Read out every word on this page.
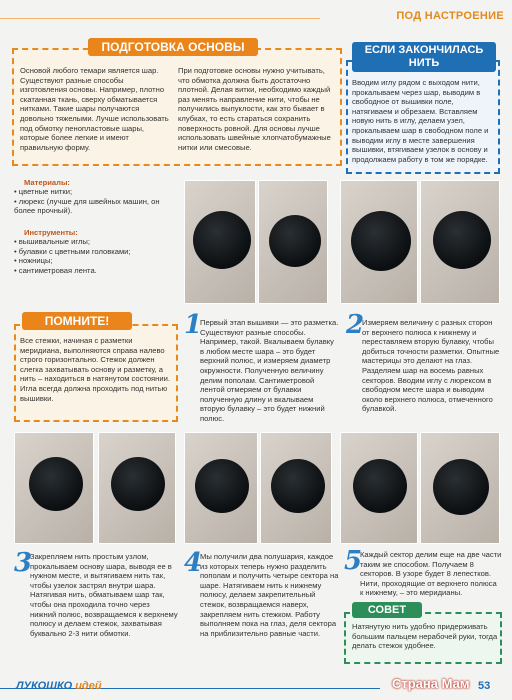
ПОД НАСТРОЕНИЕ
ПОДГОТОВКА ОСНОВЫ
Основой любого темари является шар. Существуют разные способы изготовления основы. Например, плотно скатанная ткань, сверху обматывается нитками. Такие шары получаются довольно тяжелыми. Лучше использовать под обмотку пенопластовые шары, которые более легкие и имеют правильную форму.
При подготовке основы нужно учитывать, что обмотка должна быть достаточно плотной. Делая витки, необходимо каждый раз менять направление нити, чтобы не получились выпуклости, как это бывает в клубках, то есть стараться сохранить поверхность ровной. Для основы лучше использовать швейные хлопчатобумажные нитки или смесовые.
ЕСЛИ ЗАКОНЧИЛАСЬ НИТЬ
Вводим иглу рядом с выходом нити, прокалываем через шар, выводим в свободное от вышивки поле, натягиваем и обрезаем. Вставляем новую нить в иглу, делаем узел, прокалываем шар в свободном поле и выводим иглу в месте завершения вышивки, втягиваем узелок в основу и продолжаем работу в том же порядке.
Материалы:
• цветные нитки;
• люрекс (лучше для швейных машин, он более прочный).
Инструменты:
• вышивальные иглы;
• булавки с цветными головками;
• ножницы;
• сантиметровая лента.
ПОМНИТЕ!
Все стежки, начиная с разметки меридиана, выполняются справа налево строго горизонтально. Стежок должен слегка захватывать основу и разметку, а нить – находиться в натянутом состоянии. Игла всегда должна проходить под нитью вышивки.
1
Первый этап вышивки — это разметка. Существуют разные способы. Например, такой. Вкалываем булавку в любом месте шара – это будет верхний полюс, и измеряем диаметр окружности. Полученную величину делим пополам. Сантиметровой лентой отмеряем от булавки полученную длину и вкалываем вторую булавку – это будет нижний полюс.
2
Измеряем величину с разных сторон от верхнего полюса к нижнему и переставляем вторую булавку, чтобы добиться точности разметки. Опытные мастерицы это делают на глаз. Разделяем шар на восемь равных секторов. Вводим иглу с люрексом в свободном месте шара и выводим около верхнего полюса, отмеченного булавкой.
3
Закрепляем нить простым узлом, прокалываем основу шара, выводя ее в нужном месте, и вытягиваем нить так, чтобы узелок застрял внутри шара. Натягивая нить, обматываем шар так, чтобы она проходила точно через нижний полюс, возвращаемся к верхнему полюсу и делаем стежок, захватывая буквально 2-3 нити обмотки.
4
Мы получили два полушария, каждое из которых теперь нужно разделить пополам и получить четыре сектора на шаре. Натягиваем нить к нижнему полюсу, делаем закрепительный стежок, возвращаемся наверх, закрепляем нить стежком. Работу выполняем пока на глаз, деля сектора на приблизительно равные части.
5
Каждый сектор делим еще на две части таким же способом. Получаем 8 секторов. В узоре будет 8 лепестков. Нити, проходящие от верхнего полюса к нижнему, – это меридианы.
СОВЕТ
Натянутую нить удобно придерживать большим пальцем нерабочей руки, тогда делать стежок удобнее.
ЛУКОШКО идей	Страна Мам 53
